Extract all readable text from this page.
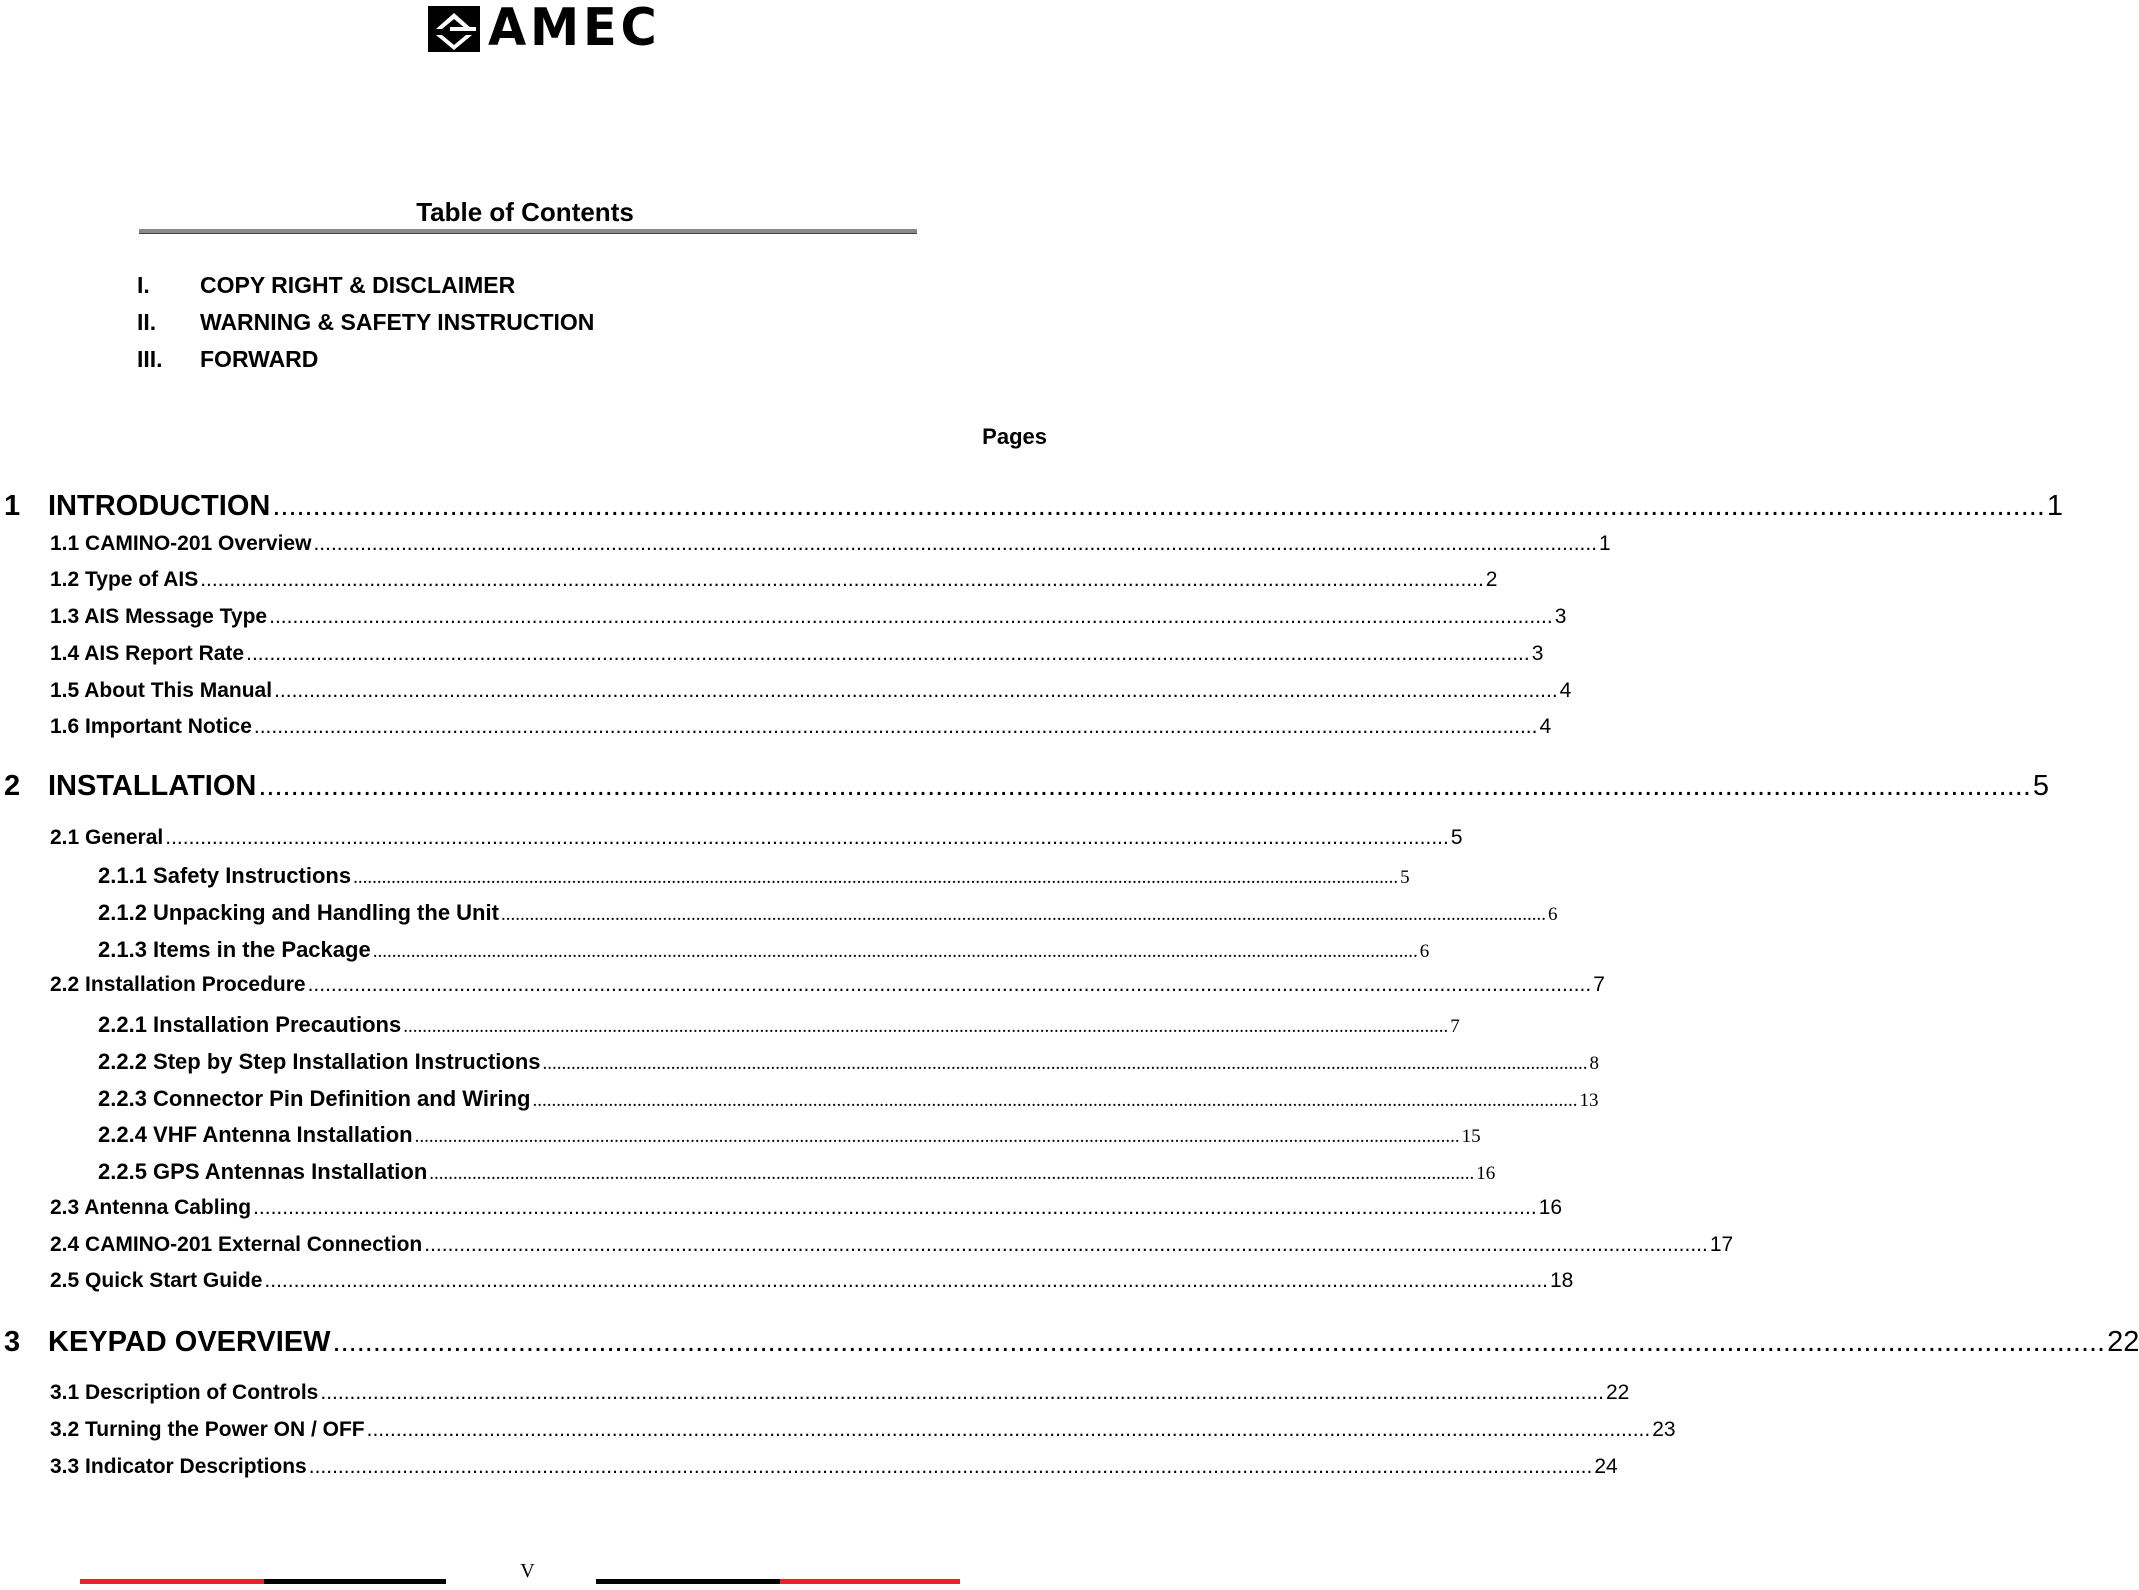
AMEC
Table of Contents
I. COPY RIGHT & DISCLAIMER
II. WARNING & SAFETY INSTRUCTION
III. FORWARD
Pages
1 INTRODUCTION ............................................................................................................................................................................................................................ 1
1.1 CAMINO-201 Overview ............................................................................................................................................................................................................................ 1
1.2 Type of AIS ............................................................................................................................................................................................................................ 2
1.3 AIS Message Type ............................................................................................................................................................................................................................ 3
1.4 AIS Report Rate ............................................................................................................................................................................................................................ 3
1.5 About This Manual ............................................................................................................................................................................................................................ 4
1.6 Important Notice ............................................................................................................................................................................................................................ 4
2 INSTALLATION ............................................................................................................................................................................................................................ 5
2.1 General ............................................................................................................................................................................................................................ 5
2.1.1 Safety Instructions ............................................................................................................................................................................................................................ 5
2.1.2 Unpacking and Handling the Unit ............................................................................................................................................................................................................................ 6
2.1.3 Items in the Package ............................................................................................................................................................................................................................ 6
2.2 Installation Procedure ............................................................................................................................................................................................................................ 7
2.2.1 Installation Precautions ............................................................................................................................................................................................................................ 7
2.2.2 Step by Step Installation Instructions ............................................................................................................................................................................................................................ 8
2.2.3 Connector Pin Definition and Wiring ............................................................................................................................................................................................................................ 13
2.2.4 VHF Antenna Installation ............................................................................................................................................................................................................................ 15
2.2.5 GPS Antennas Installation ............................................................................................................................................................................................................................ 16
2.3 Antenna Cabling ............................................................................................................................................................................................................................ 16
2.4 CAMINO-201 External Connection ............................................................................................................................................................................................................................ 17
2.5 Quick Start Guide ............................................................................................................................................................................................................................ 18
3 KEYPAD OVERVIEW ............................................................................................................................................................................................................................ 22
3.1 Description of Controls ............................................................................................................................................................................................................................ 22
3.2 Turning the Power ON / OFF ............................................................................................................................................................................................................................ 23
3.3 Indicator Descriptions ............................................................................................................................................................................................................................ 24
V
